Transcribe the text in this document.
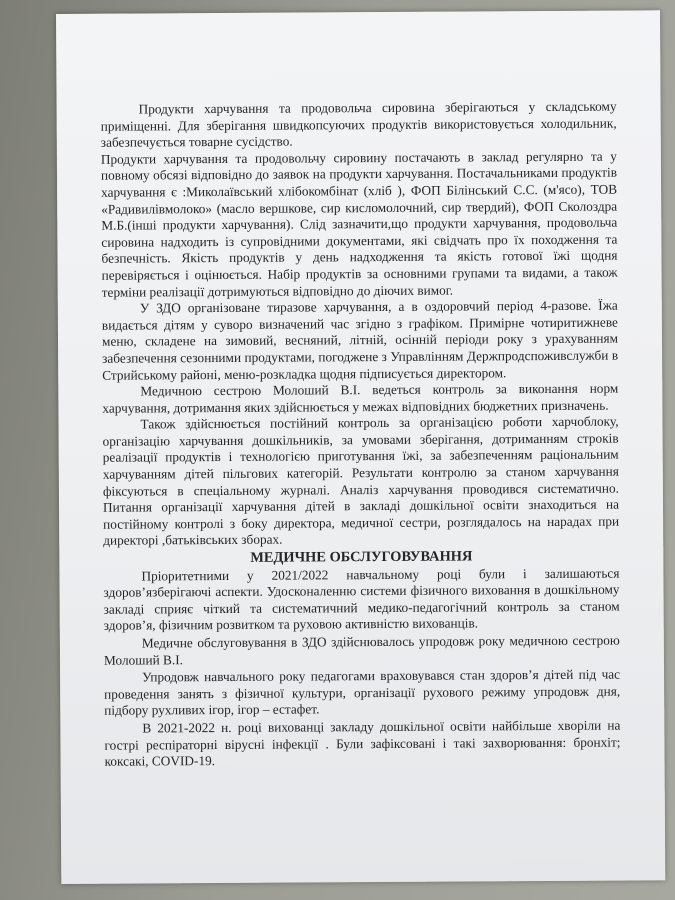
Продукти харчування та продовольча сировина зберігаються у складському приміщенні. Для зберігання швидкопсуючих продуктів використовується холодильник, забезпечується товарне сусідство.

Продукти харчування та продовольчу сировину постачають в заклад регулярно та у повному обсязі відповідно до заявок на продукти харчування. Постачальниками продуктів харчування є :Миколаївський хлібокомбінат (хліб ), ФОП Білінський С.С. (м'ясо), ТОВ «Радивилівмолоко» (масло вершкове, сир кисломолочний, сир твердий), ФОП Сколоздра М.Б.(інші продукти харчування). Слід зазначити,що продукти харчування, продовольча сировина надходить із супровідними документами, які свідчать про їх походження та безпечність. Якість продуктів у день надходження та якість готової їжі щодня перевіряється і оцінюється. Набір продуктів за основними групами та видами, а також терміни реалізації дотримуються відповідно до діючих вимог.

У ЗДО організоване тиразове харчування, а в оздоровчий період 4-разове. Їжа видається дітям у суворо визначений час згідно з графіком. Примірне чотиритижневе меню, складене на зимовий, весняний, літній, осінній періоди року з урахуванням забезпечення сезонними продуктами, погоджене з Управлінням Держпродспоживслужби в Стрийському районі, меню-розкладка щодня підписується директором.

Медичною сестрою Молоший В.І. ведеться контроль за виконання норм харчування, дотримання яких здійснюється у межах відповідних бюджетних призначень.

Також здійснюється постійний контроль за організацією роботи харчоблоку, організацію харчування дошкільників, за умовами зберігання, дотриманням строків реалізації продуктів і технологією приготування їжі, за забезпеченням раціональним харчуванням дітей пільгових категорій. Результати контролю за станом харчування фіксуються в спеціальному журналі. Аналіз харчування проводився систематично. Питання організації харчування дітей в закладі дошкільної освіти знаходиться на постійному контролі з боку директора, медичної сестри, розглядалось на нарадах при директорі ,батьківських зборах.

МЕДИЧНЕ ОБСЛУГОВУВАННЯ

Пріоритетними у 2021/2022 навчальному році були і залишаються здоров’язберігаючі аспекти. Удосконаленню системи фізичного виховання в дошкільному закладі сприяє чіткий та систематичний медико-педагогічний контроль за станом здоров’я, фізичним розвитком та руховою активністю вихованців.

Медичне обслуговування в ЗДО здійснювалось упродовж року медичною сестрою Молоший В.І.

Упродовж навчального року педагогами враховувався стан здоров’я дітей під час проведення занять з фізичної культури, організації рухового режиму упродовж дня, підбору рухливих ігор, ігор – естафет.

В 2021-2022 н. році вихованці закладу дошкільної освіти найбільше хворіли на гострі респіраторні вірусні інфекції . Були зафіксовані і такі захворювання: бронхіт; коксакі, COVID-19.
